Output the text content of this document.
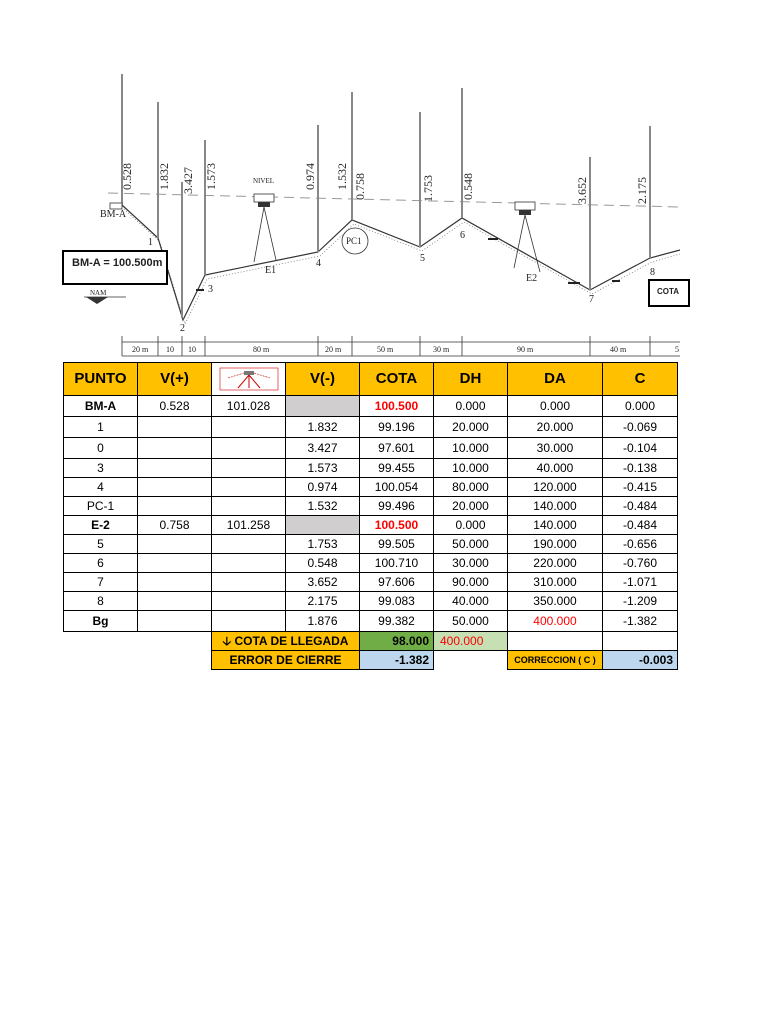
0.528 1.832 3.427 1.573	0.974 1.532 0.758	1.753 0.548	3.652	2.175
BM-A
BM-A = 100.500m
NAM
NIVEL
E1
E2
PC1
1
2
3
4	5
6
7
8
COTA
20 m 10 10	80 m	20 m	50 m	30 m	90 m	40 m	5
PUNTO	V(+)		V(-)	COTA	DH	DA	C
BM-A	0.528	101.028		100.500	0.000	0.000	0.000
1			1.832	99.196	20.000	20.000	-0.069
0			3.427	97.601	10.000	30.000	-0.104
3			1.573	99.455	10.000	40.000	-0.138
4			0.974	100.054	80.000	120.000	-0.415
PC-1			1.532	99.496	20.000	140.000	-0.484
E-2	0.758	101.258		100.500	0.000	140.000	-0.484
5			1.753	99.505	50.000	190.000	-0.656
6			0.548	100.710	30.000	220.000	-0.760
7			3.652	97.606	90.000	310.000	-1.071
8			2.175	99.083	40.000	350.000	-1.209
Bg			1.876	99.382	50.000	400.000	-1.382
		🡣 COTA DE LLEGADA		98.000	400.000		
		ERROR DE CIERRE		-1.382		CORRECCION ( C )	-0.003
